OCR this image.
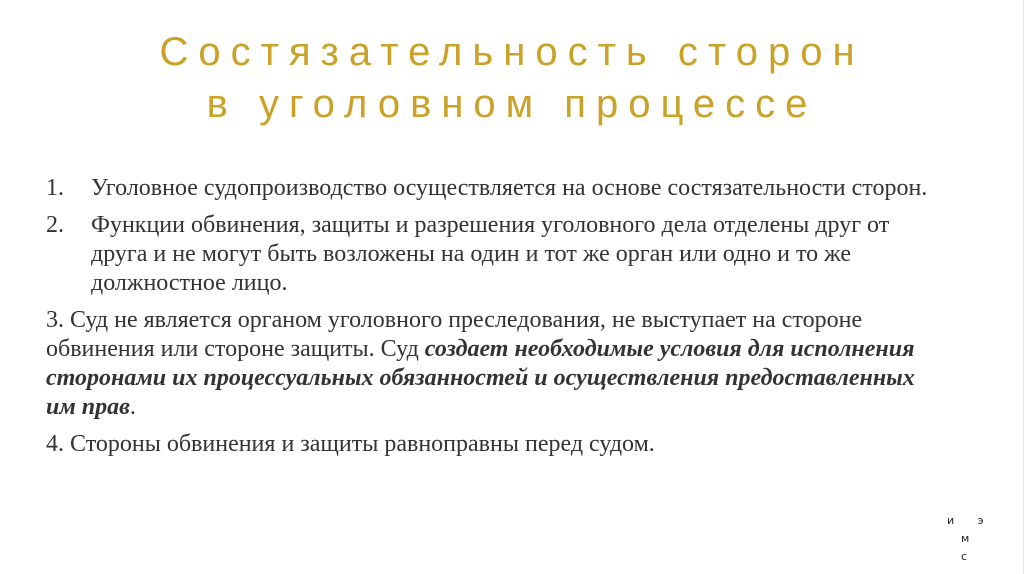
Состязательность сторон
в уголовном процессе
1. Уголовное судопроизводство осуществляется на основе состязательности сторон.
2. Функции обвинения, защиты и разрешения уголовного дела отделены друг от друга и не могут быть возложены на один и тот же орган или одно и то же должностное лицо.
3. Суд не является органом уголовного преследования, не выступает на стороне обвинения или стороне защиты. Суд создает необходимые условия для исполнения сторонами их процессуальных обязанностей и осуществления предоставленных им прав.
4. Стороны обвинения и защиты равноправны перед судом.
и э
м с
